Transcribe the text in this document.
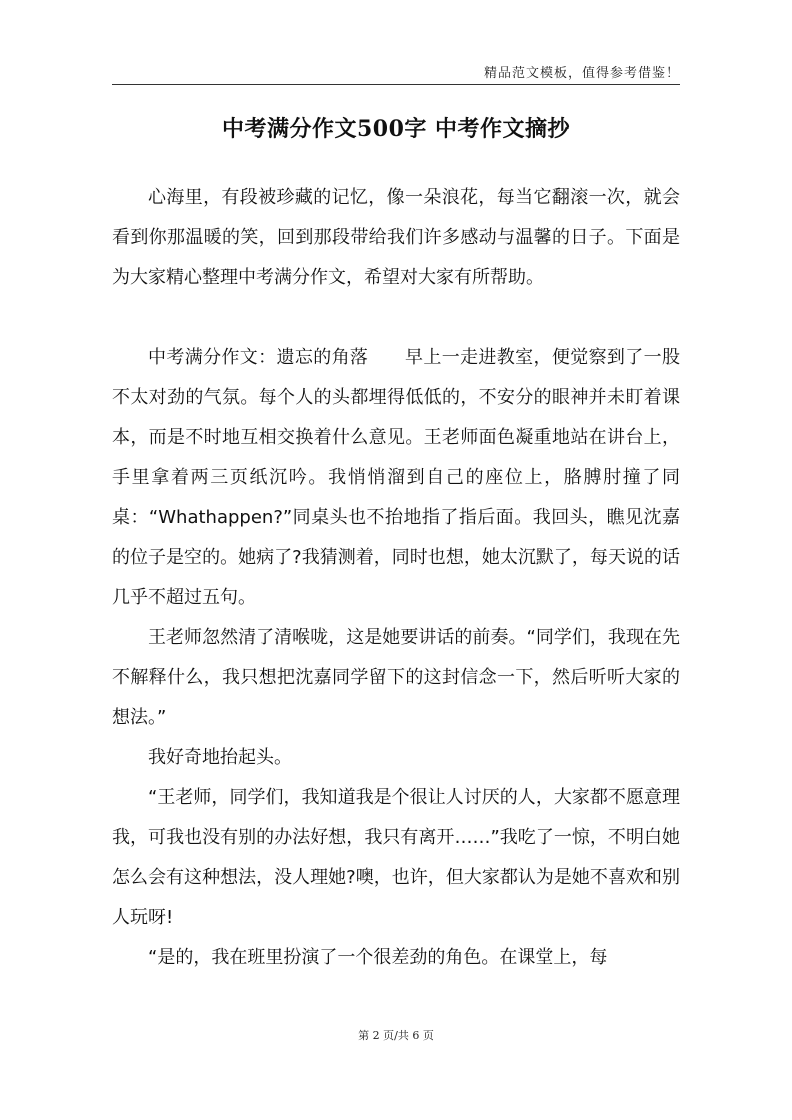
精品范文模板，值得参考借鉴！
中考满分作文500字 中考作文摘抄

心海里，有段被珍藏的记忆，像一朵浪花，每当它翻滚一次，就会看到你那温暖的笑，回到那段带给我们许多感动与温馨的日子。下面是为大家精心整理中考满分作文，希望对大家有所帮助。

中考满分作文：遗忘的角落　　早上一走进教室，便觉察到了一股不太对劲的气氛。每个人的头都埋得低低的，不安分的眼神并未盯着课本，而是不时地互相交换着什么意见。王老师面色凝重地站在讲台上，手里拿着两三页纸沉吟。我悄悄溜到自己的座位上，胳膊肘撞了同桌：“Whathappen?”同桌头也不抬地指了指后面。我回头，瞧见沈嘉的位子是空的。她病了?我猜测着，同时也想，她太沉默了，每天说的话几乎不超过五句。

王老师忽然清了清喉咙，这是她要讲话的前奏。“同学们，我现在先不解释什么，我只想把沈嘉同学留下的这封信念一下，然后听听大家的想法。”

我好奇地抬起头。

“王老师，同学们，我知道我是个很让人讨厌的人，大家都不愿意理我，可我也没有别的办法好想，我只有离开……”我吃了一惊，不明白她怎么会有这种想法，没人理她?噢，也许，但大家都认为是她不喜欢和别人玩呀!

“是的，我在班里扮演了一个很差劲的角色。在课堂上，每

第 2 页/共 6 页
